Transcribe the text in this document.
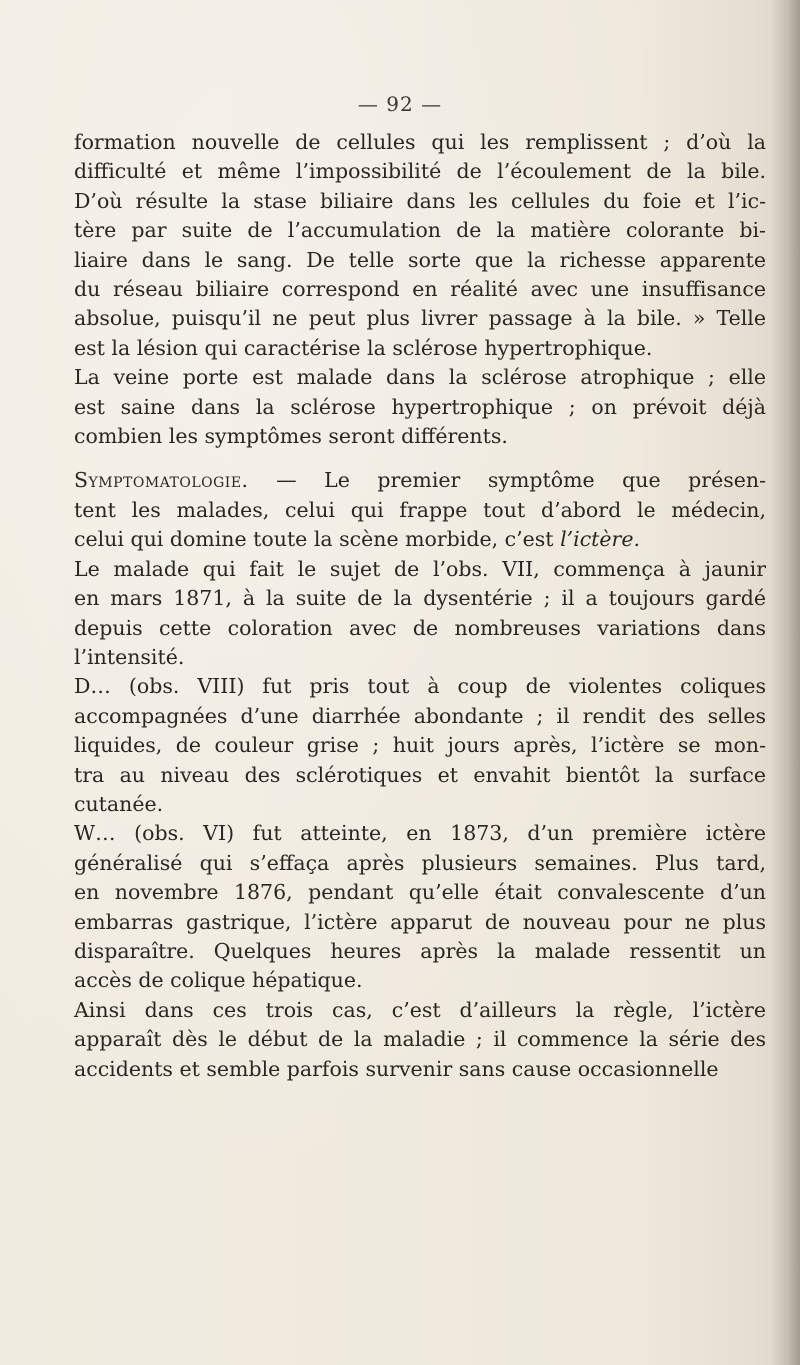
— 92 —
formation nouvelle de cellules qui les remplissent ; d’où la
difficulté et même l’impossibilité de l’écoulement de la bile.
D’où résulte la stase biliaire dans les cellules du foie et l’ic-
tère par suite de l’accumulation de la matière colorante bi-
liaire dans le sang. De telle sorte que la richesse apparente
du réseau biliaire correspond en réalité avec une insuffisance
absolue, puisqu’il ne peut plus livrer passage à la bile. » Telle
est la lésion qui caractérise la sclérose hypertrophique.
La veine porte est malade dans la sclérose atrophique ; elle
est saine dans la sclérose hypertrophique ; on prévoit déjà
combien les symptômes seront différents.
Symptomatologie. — Le premier symptôme que présen-
tent les malades, celui qui frappe tout d’abord le médecin,
celui qui domine toute la scène morbide, c’est l’ictère.
Le malade qui fait le sujet de l’obs. VII, commença à jaunir
en mars 1871, à la suite de la dysentérie ; il a toujours gardé
depuis cette coloration avec de nombreuses variations dans
l’intensité.
D… (obs. VIII) fut pris tout à coup de violentes coliques
accompagnées d’une diarrhée abondante ; il rendit des selles
liquides, de couleur grise ; huit jours après, l’ictère se mon-
tra au niveau des sclérotiques et envahit bientôt la surface
cutanée.
W… (obs. VI) fut atteinte, en 1873, d’un première ictère
généralisé qui s’effaça après plusieurs semaines. Plus tard,
en novembre 1876, pendant qu’elle était convalescente d’un
embarras gastrique, l’ictère apparut de nouveau pour ne plus
disparaître. Quelques heures après la malade ressentit un
accès de colique hépatique.
Ainsi dans ces trois cas, c’est d’ailleurs la règle, l’ictère
apparaît dès le début de la maladie ; il commence la série des
accidents et semble parfois survenir sans cause occasionnelle
